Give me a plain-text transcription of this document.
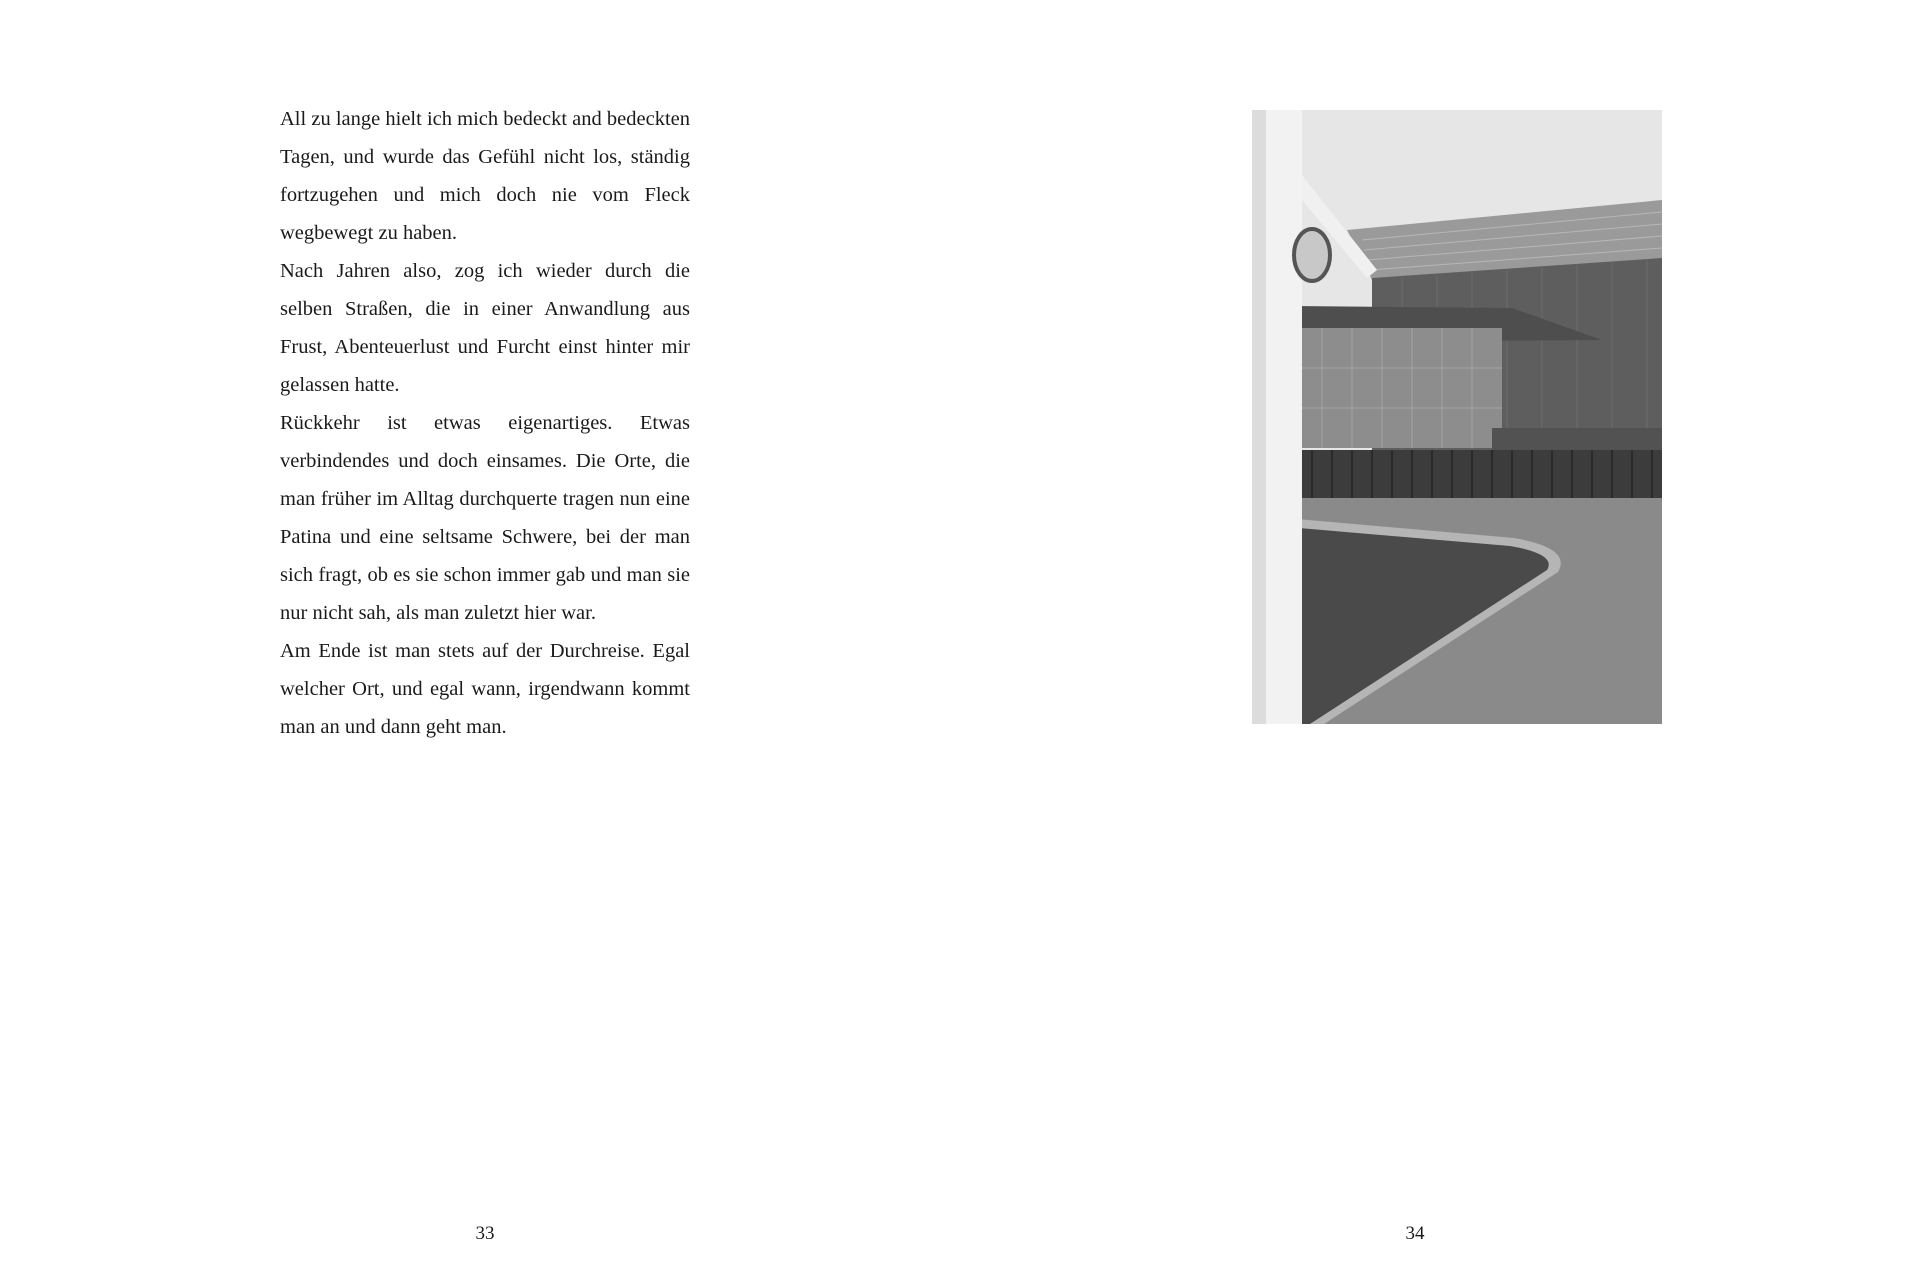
All zu lange hielt ich mich bedeckt and bedeckten Tagen, und wurde das Gefühl nicht los, ständig fortzugehen und mich doch nie vom Fleck wegbewegt zu haben.

Nach Jahren also, zog ich wieder durch die selben Straßen, die in einer Anwandlung aus Frust, Abenteuerlust und Furcht einst hinter mir gelassen hatte.

Rückkehr ist etwas eigenartiges. Etwas verbindendes und doch einsames. Die Orte, die man früher im Alltag durchquerte tragen nun eine Patina und eine seltsame Schwere, bei der man sich fragt, ob es sie schon immer gab und man sie nur nicht sah, als man zuletzt hier war.

Am Ende ist man stets auf der Durchreise. Egal welcher Ort, und egal wann, irgendwann kommt man an und dann geht man.

33	34
